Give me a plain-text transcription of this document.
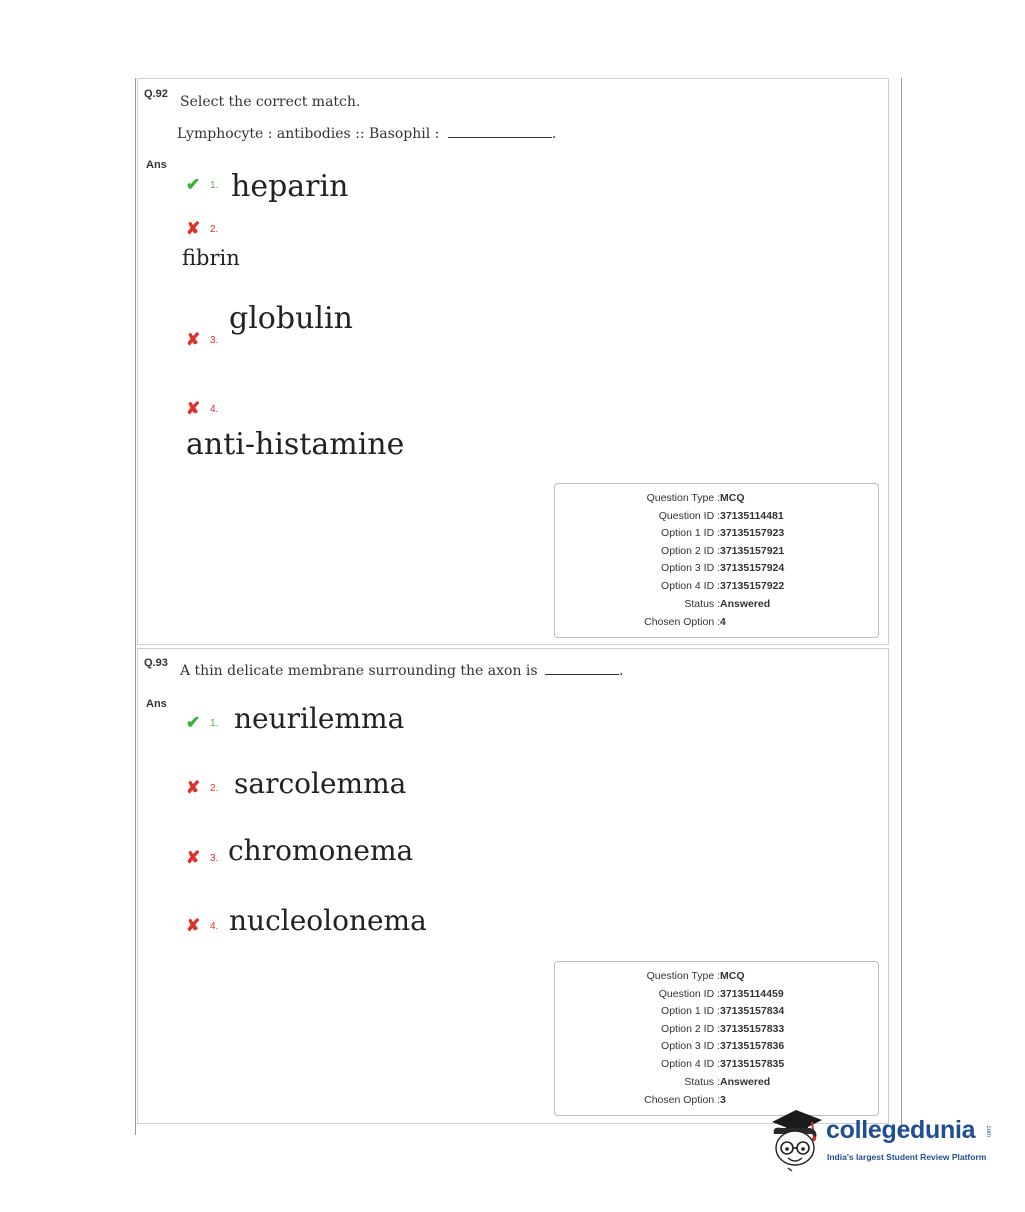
Q.92 Select the correct match.
Lymphocyte : antibodies :: Basophil :	.
Ans
✔ 1. heparin
✘ 2.
fibrin
✘ 3.
globulin
✘ 4.
anti-histamine
Question Type : MCQ
Question ID : 37135114481
Option 1 ID : 37135157923
Option 2 ID : 37135157921
Option 3 ID : 37135157924
Option 4 ID : 37135157922
Status : Answered
Chosen Option : 4
Q.93 A thin delicate membrane surrounding the axon is	.
Ans
✔ 1. neurilemma
✘ 2. sarcolemma
✘ 3. chromonema
✘ 4. nucleolonema
Question Type : MCQ
Question ID : 37135114459
Option 1 ID : 37135157834
Option 2 ID : 37135157833
Option 3 ID : 37135157836
Option 4 ID : 37135157835
Status : Answered
Chosen Option : 3
collegedunia .com
India's largest Student Review Platform
